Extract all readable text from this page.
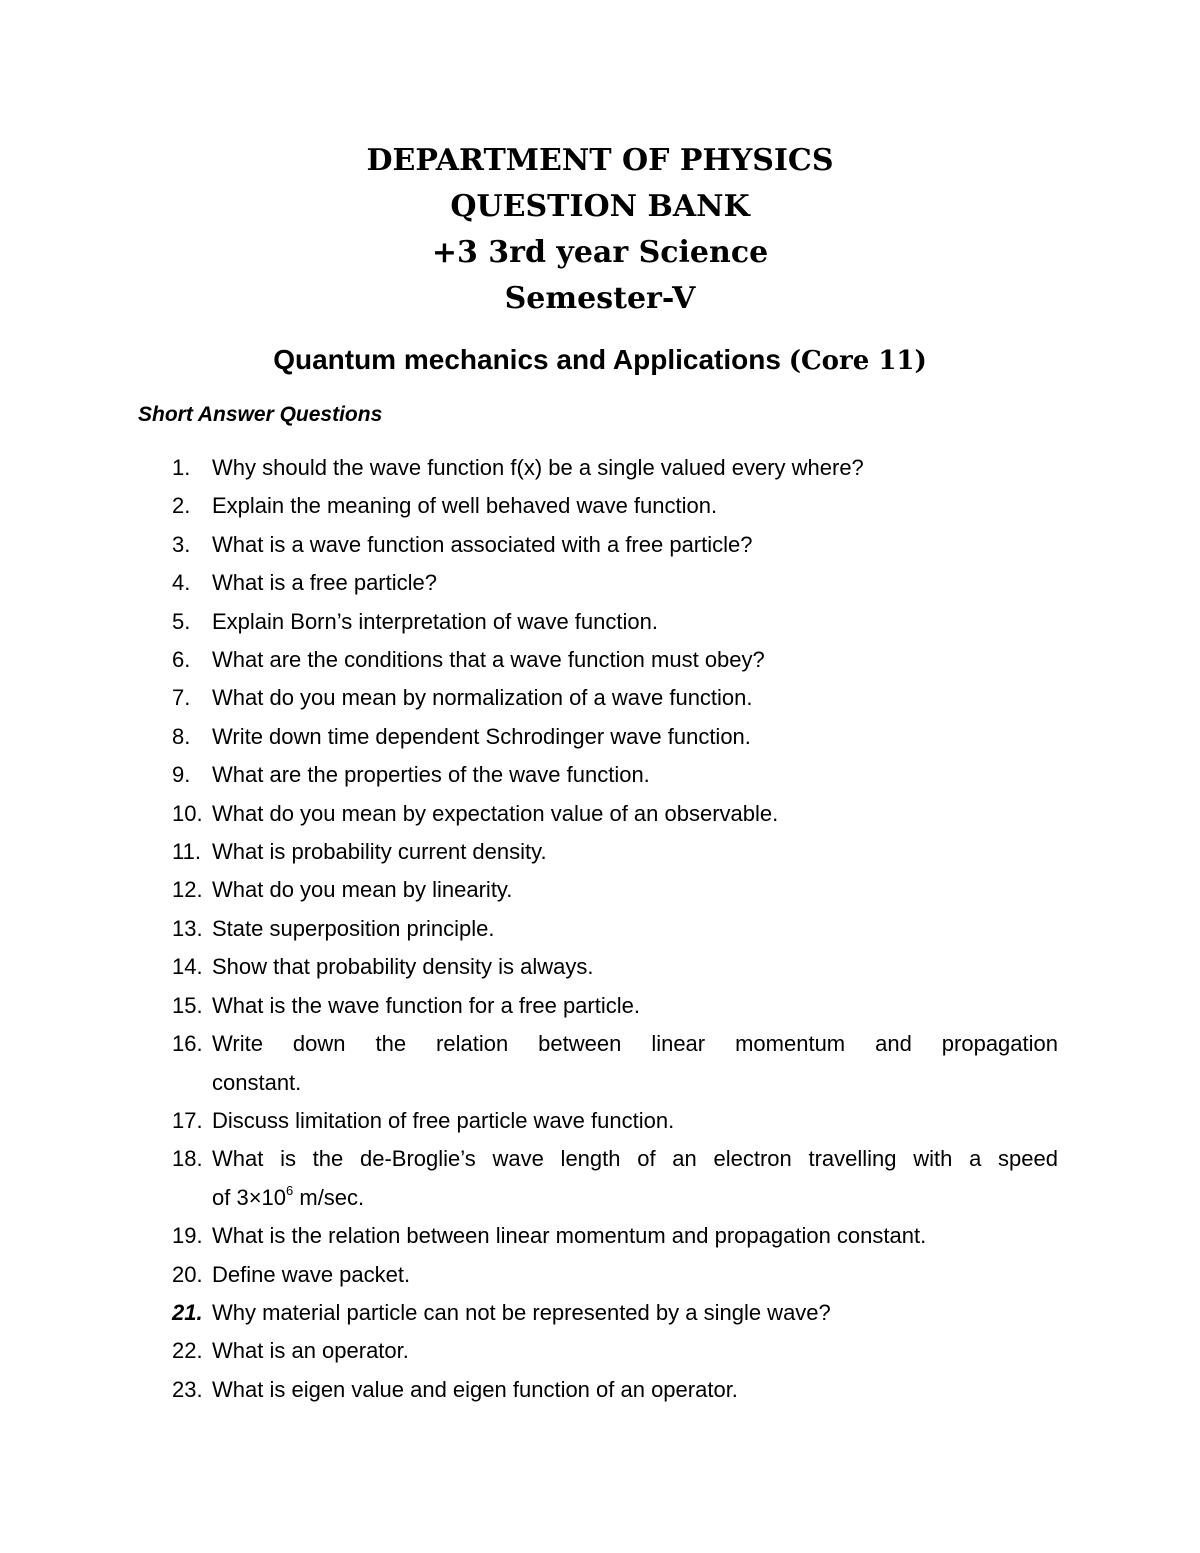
DEPARTMENT OF PHYSICS
QUESTION BANK
+3 3rd year Science
Semester-V
Quantum mechanics and Applications (Core 11)
Short Answer Questions
1. Why should the wave function f(x) be a single valued every where?
2. Explain the meaning of well behaved wave function.
3. What is a wave function associated with a free particle?
4. What is a free particle?
5. Explain Born’s interpretation of wave function.
6. What are the conditions that a wave function must obey?
7. What do you mean by normalization of a wave function.
8. Write down time dependent Schrodinger wave function.
9. What are the properties of the wave function.
10. What do you mean by expectation value of an observable.
11. What is probability current density.
12. What do you mean by linearity.
13. State superposition principle.
14. Show that probability density is always.
15. What is the wave function for a free particle.
16. Write down the relation between linear momentum and propagation
constant.
17. Discuss limitation of free particle wave function.
18. What is the de-Broglie’s wave length of an electron travelling with a speed
of $3\times 10^6$ m/sec.
19. What is the relation between linear momentum and propagation constant.
20. Define wave packet.
21. Why material particle can not be represented by a single wave?
22. What is an operator.
23. What is eigen value and eigen function of an operator.
